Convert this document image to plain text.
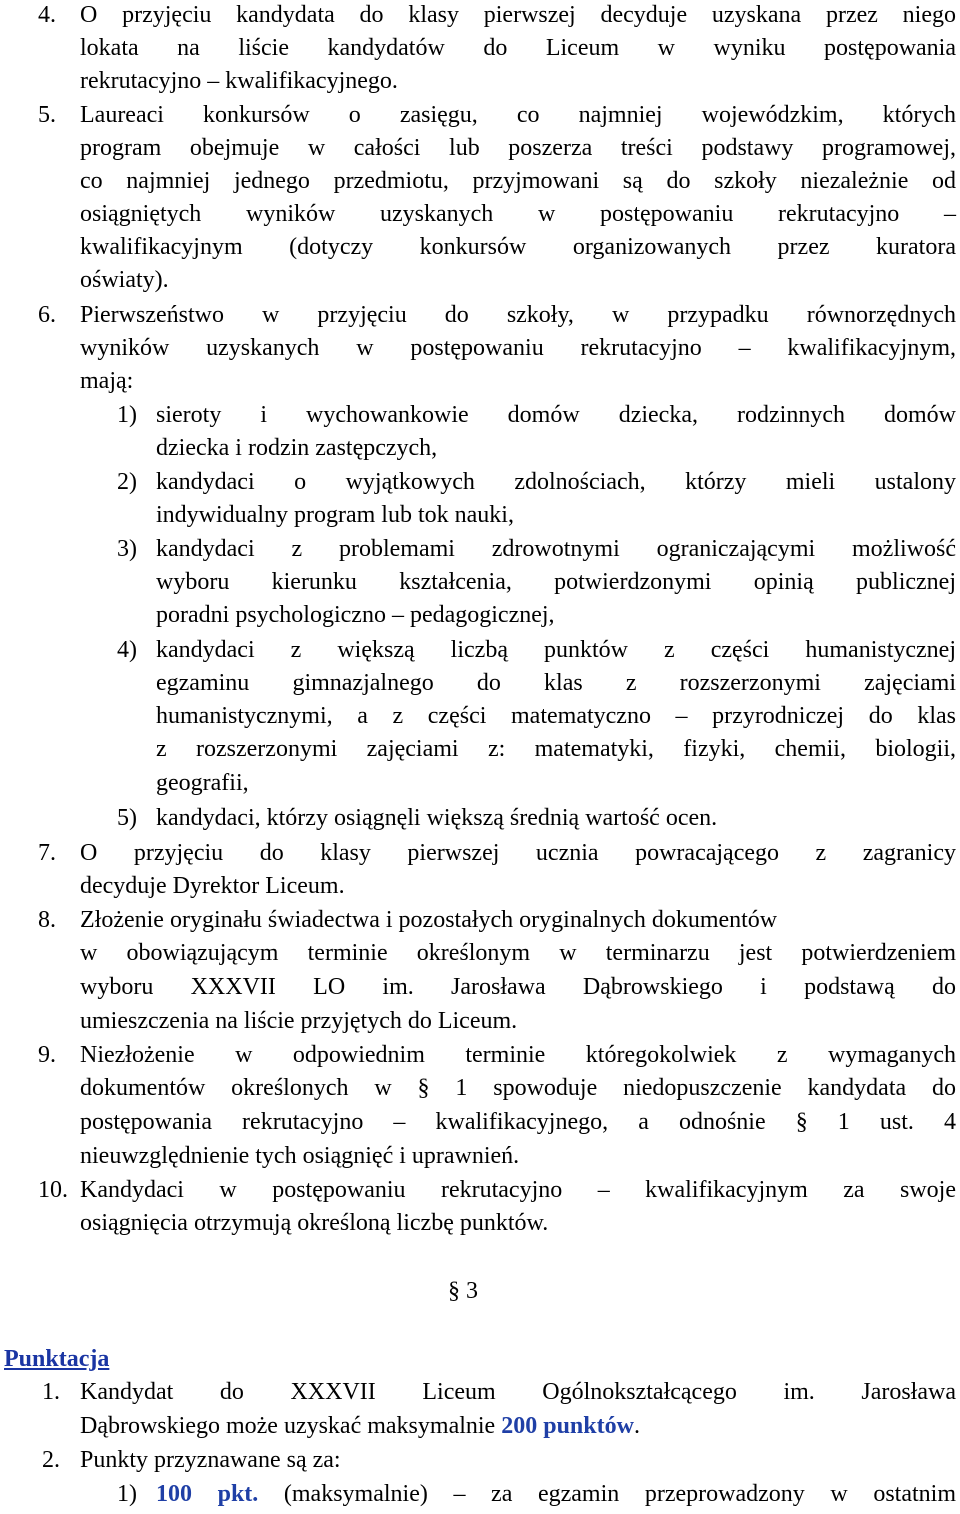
4. O przyjęciu kandydata do klasy pierwszej decyduje uzyskana przez niego

lokata na liście kandydatów do Liceum w wyniku postępowania

rekrutacyjno – kwalifikacyjnego.

5. Laureaci konkursów o zasięgu, co najmniej wojewódzkim, których

program obejmuje w całości lub poszerza treści podstawy programowej,

co najmniej jednego przedmiotu, przyjmowani są do szkoły niezależnie od

osiągniętych wyników uzyskanych w postępowaniu rekrutacyjno –

kwalifikacyjnym (dotyczy konkursów organizowanych przez kuratora

oświaty).

6. Pierwszeństwo w przyjęciu do szkoły, w przypadku równorzędnych

wyników uzyskanych w postępowaniu rekrutacyjno – kwalifikacyjnym,

mają:

1) sieroty i wychowankowie domów dziecka, rodzinnych domów

dziecka i rodzin zastępczych,

2) kandydaci o wyjątkowych zdolnościach, którzy mieli ustalony

indywidualny program lub tok nauki,

3) kandydaci z problemami zdrowotnymi ograniczającymi możliwość

wyboru kierunku kształcenia, potwierdzonymi opinią publicznej

poradni psychologiczno – pedagogicznej,

4) kandydaci z większą liczbą punktów z części humanistycznej

egzaminu gimnazjalnego do klas z rozszerzonymi zajęciami

humanistycznymi, a z części matematyczno – przyrodniczej do klas

z rozszerzonymi zajęciami z: matematyki, fizyki, chemii, biologii,

geografii,

5) kandydaci, którzy osiągnęli większą średnią wartość ocen.

7. O przyjęciu do klasy pierwszej ucznia powracającego z zagranicy

decyduje Dyrektor Liceum.

8. Złożenie oryginału świadectwa i pozostałych oryginalnych dokumentów

w obowiązującym terminie określonym w terminarzu jest potwierdzeniem

wyboru XXXVII LO im. Jarosława Dąbrowskiego i podstawą do

umieszczenia na liście przyjętych do Liceum.

9. Niezłożenie w odpowiednim terminie któregokolwiek z wymaganych

dokumentów określonych w § 1 spowoduje niedopuszczenie kandydata do

postępowania rekrutacyjno – kwalifikacyjnego, a odnośnie § 1 ust. 4

nieuwzględnienie tych osiągnięć i uprawnień.

10. Kandydaci w postępowaniu rekrutacyjno – kwalifikacyjnym za swoje

osiągnięcia otrzymują określoną liczbę punktów.

§ 3

Punktacja

1. Kandydat do XXXVII Liceum Ogólnokształcącego im. Jarosława

Dąbrowskiego może uzyskać maksymalnie 200 punktów.

2. Punkty przyznawane są za:

1) 100 pkt. (maksymalnie) – za egzamin przeprowadzony w ostatnim
